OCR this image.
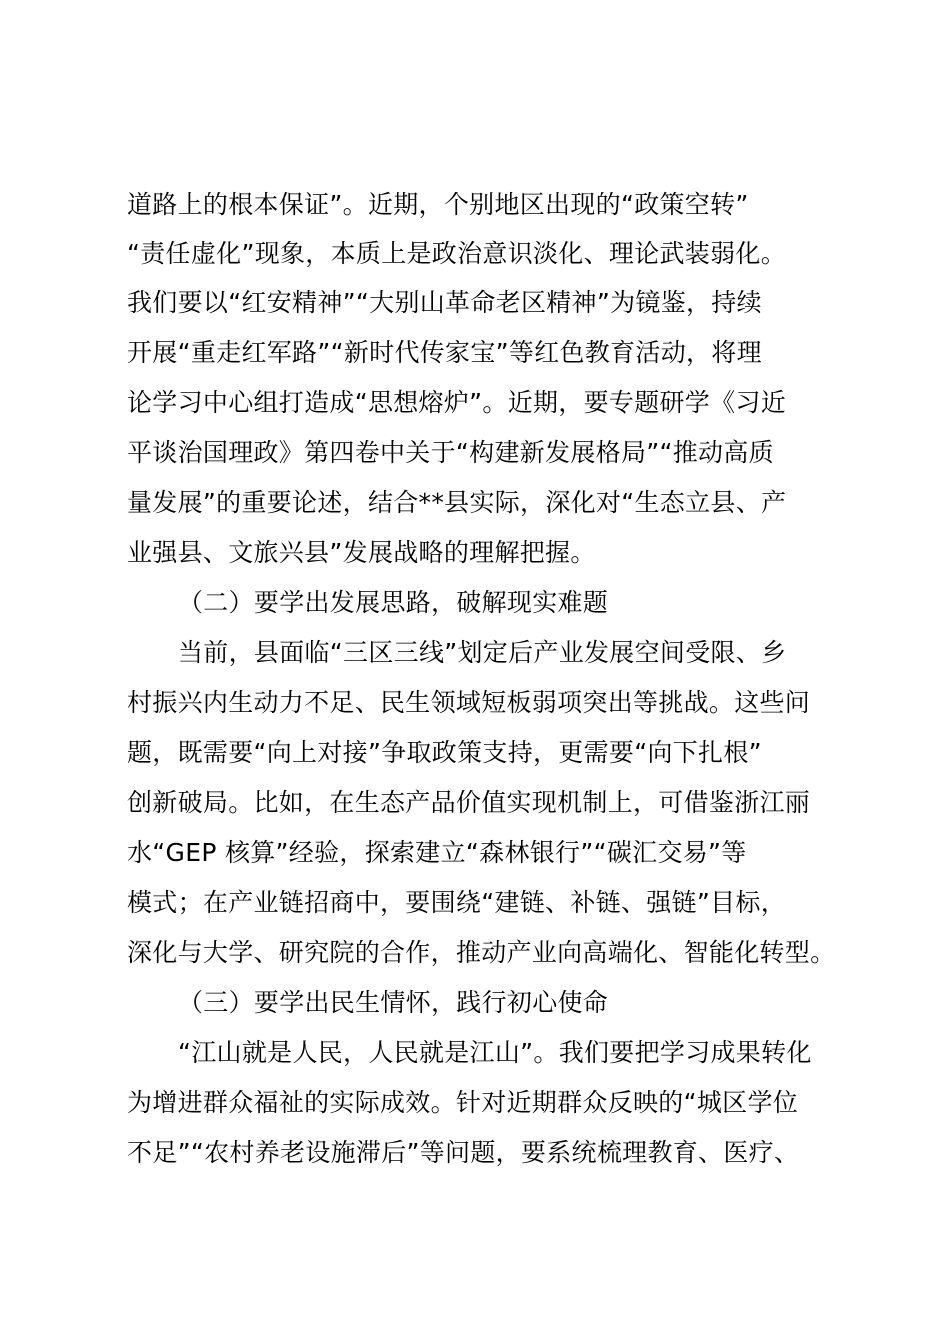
道路上的根本保证”。近期，个别地区出现的“政策空转”
“责任虚化”现象，本质上是政治意识淡化、理论武装弱化。
我们要以“红安精神”“大别山革命老区精神”为镜鉴，持续
开展“重走红军路”“新时代传家宝”等红色教育活动，将理
论学习中心组打造成“思想熔炉”。近期，要专题研学《习近
平谈治国理政》第四卷中关于“构建新发展格局”“推动高质
量发展”的重要论述，结合**县实际，深化对“生态立县、产
业强县、文旅兴县”发展战略的理解把握。
（二）要学出发展思路，破解现实难题
当前，县面临“三区三线”划定后产业发展空间受限、乡
村振兴内生动力不足、民生领域短板弱项突出等挑战。这些问
题，既需要“向上对接”争取政策支持，更需要“向下扎根”
创新破局。比如，在生态产品价值实现机制上，可借鉴浙江丽
水“GEP 核算”经验，探索建立“森林银行”“碳汇交易”等
模式；在产业链招商中，要围绕“建链、补链、强链”目标，
深化与大学、研究院的合作，推动产业向高端化、智能化转型。
（三）要学出民生情怀，践行初心使命
“江山就是人民，人民就是江山”。我们要把学习成果转化
为增进群众福祉的实际成效。针对近期群众反映的“城区学位
不足”“农村养老设施滞后”等问题，要系统梳理教育、医疗、
